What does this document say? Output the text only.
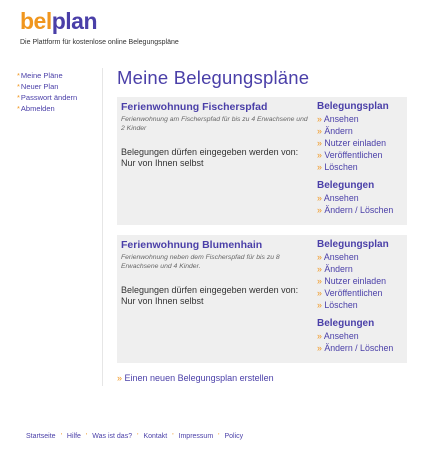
belplan
Die Plattform für kostenlose online Belegungspläne
*Meine Pläne
*Neuer Plan
*Passwort ändern
*Abmelden
Meine Belegungspläne
Ferienwohnung Fischerspfad
Ferienwohnung am Fischerspfad für bis zu 4 Erwachsene und 2 Kinder
Belegungen dürfen eingegeben werden von: Nur von Ihnen selbst
Belegungsplan
» Ansehen
» Ändern
» Nutzer einladen
» Veröffentlichen
» Löschen
Belegungen
» Ansehen
» Ändern / Löschen
Ferienwohnung Blumenhain
Ferienwohnung neben dem Fischerspfad für bis zu 8 Erwachsene und 4 Kinder.
Belegungen dürfen eingegeben werden von: Nur von Ihnen selbst
Belegungsplan
» Ansehen
» Ändern
» Nutzer einladen
» Veröffentlichen
» Löschen
Belegungen
» Ansehen
» Ändern / Löschen
» Einen neuen Belegungsplan erstellen
Startseite ' Hilfe ' Was ist das? ' Kontakt ' Impressum ' Policy
